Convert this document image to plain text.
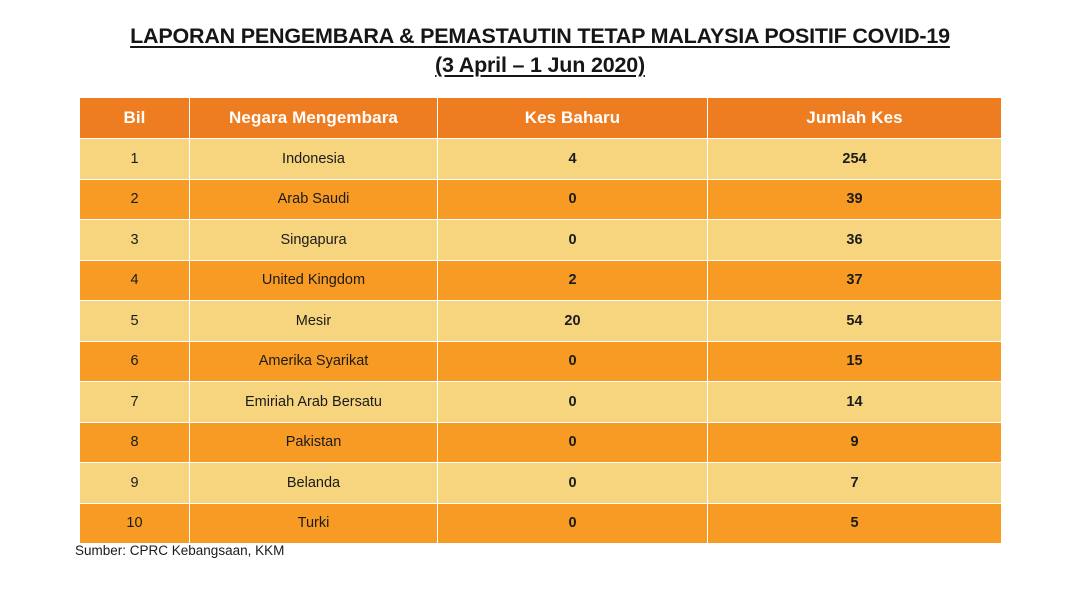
LAPORAN PENGEMBARA & PEMASTAUTIN TETAP MALAYSIA POSITIF COVID-19
(3 April – 1 Jun 2020)
Bil	Negara Mengembara	Kes Baharu	Jumlah Kes
1	Indonesia	4	254
2	Arab Saudi	0	39
3	Singapura	0	36
4	United Kingdom	2	37
5	Mesir	20	54
6	Amerika Syarikat	0	15
7	Emiriah Arab Bersatu	0	14
8	Pakistan	0	9
9	Belanda	0	7
10	Turki	0	5
Sumber: CPRC Kebangsaan, KKM
